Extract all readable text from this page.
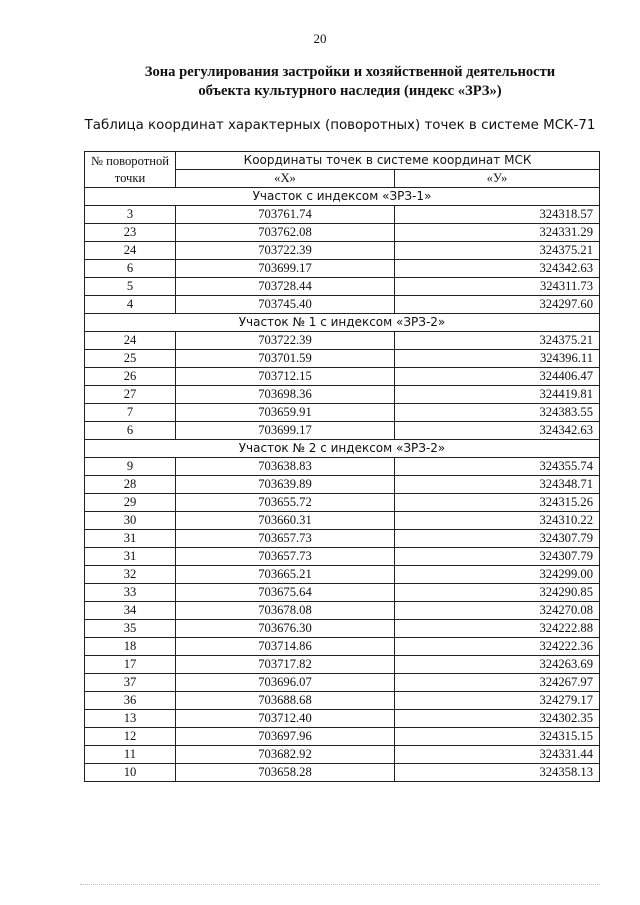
20
Зона регулирования застройки и хозяйственной деятельности
объекта культурного наследия (индекс «ЗРЗ»)
Таблица координат характерных (поворотных) точек в системе МСК-71
№ поворотной точки	Координаты точек в системе координат МСК	
	«Х»	«У»
Участок с индексом «ЗРЗ-1»		
3	703761.74	324318.57
23	703762.08	324331.29
24	703722.39	324375.21
6	703699.17	324342.63
5	703728.44	324311.73
4	703745.40	324297.60
Участок № 1 с индексом «ЗРЗ-2»		
24	703722.39	324375.21
25	703701.59	324396.11
26	703712.15	324406.47
27	703698.36	324419.81
7	703659.91	324383.55
6	703699.17	324342.63
Участок № 2 с индексом «ЗРЗ-2»		
9	703638.83	324355.74
28	703639.89	324348.71
29	703655.72	324315.26
30	703660.31	324310.22
31	703657.73	324307.79
31	703657.73	324307.79
32	703665.21	324299.00
33	703675.64	324290.85
34	703678.08	324270.08
35	703676.30	324222.88
18	703714.86	324222.36
17	703717.82	324263.69
37	703696.07	324267.97
36	703688.68	324279.17
13	703712.40	324302.35
12	703697.96	324315.15
11	703682.92	324331.44
10	703658.28	324358.13
